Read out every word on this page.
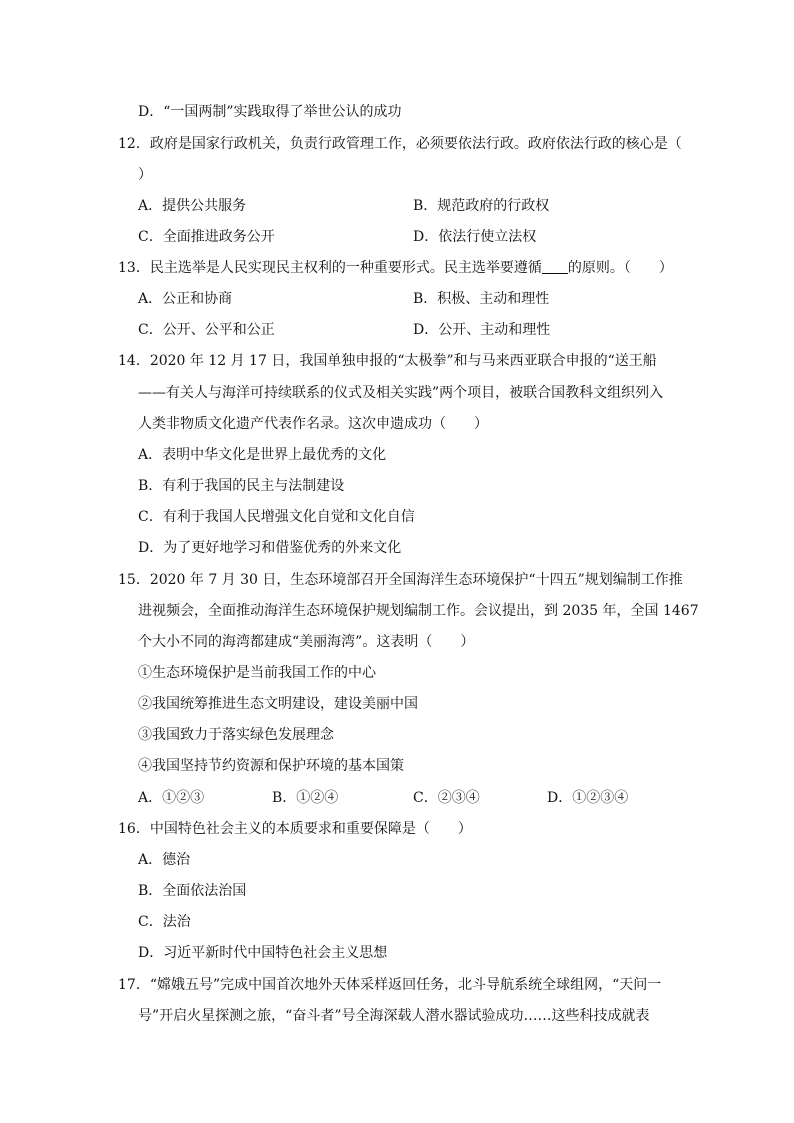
D．“一国两制”实践取得了举世公认的成功
12．政府是国家行政机关，负责行政管理工作，必须要依法行政。政府依法行政的核心是（
）
A．提供公共服务	B．规范政府的行政权
C．全面推进政务公开	D．依法行使立法权
13．民主选举是人民实现民主权利的一种重要形式。民主选举要遵循 的原则。（　　）
A．公正和协商	B．积极、主动和理性
C．公开、公平和公正	D．公开、主动和理性
14．2020 年 12 月 17 日，我国单独申报的“太极拳”和与马来西亚联合申报的“送王船
——有关人与海洋可持续联系的仪式及相关实践”两个项目，被联合国教科文组织列入
人类非物质文化遗产代表作名录。这次申遗成功（　　）
A．表明中华文化是世界上最优秀的文化
B．有利于我国的民主与法制建设
C．有利于我国人民增强文化自觉和文化自信
D．为了更好地学习和借鉴优秀的外来文化
15．2020 年 7 月 30 日，生态环境部召开全国海洋生态环境保护“十四五”规划编制工作推
进视频会，全面推动海洋生态环境保护规划编制工作。会议提出，到 2035 年，全国 1467
个大小不同的海湾都建成“美丽海湾”。这表明（　　）
①生态环境保护是当前我国工作的中心
②我国统筹推进生态文明建设，建设美丽中国
③我国致力于落实绿色发展理念
④我国坚持节约资源和保护环境的基本国策
A．①②③	B．①②④	C．②③④	D．①②③④
16．中国特色社会主义的本质要求和重要保障是（　　）
A．德治
B．全面依法治国
C．法治
D．习近平新时代中国特色社会主义思想
17．“嫦娥五号”完成中国首次地外天体采样返回任务，北斗导航系统全球组网，“天问一
号”开启火星探测之旅，“奋斗者”号全海深载人潜水器试验成功……这些科技成就表
